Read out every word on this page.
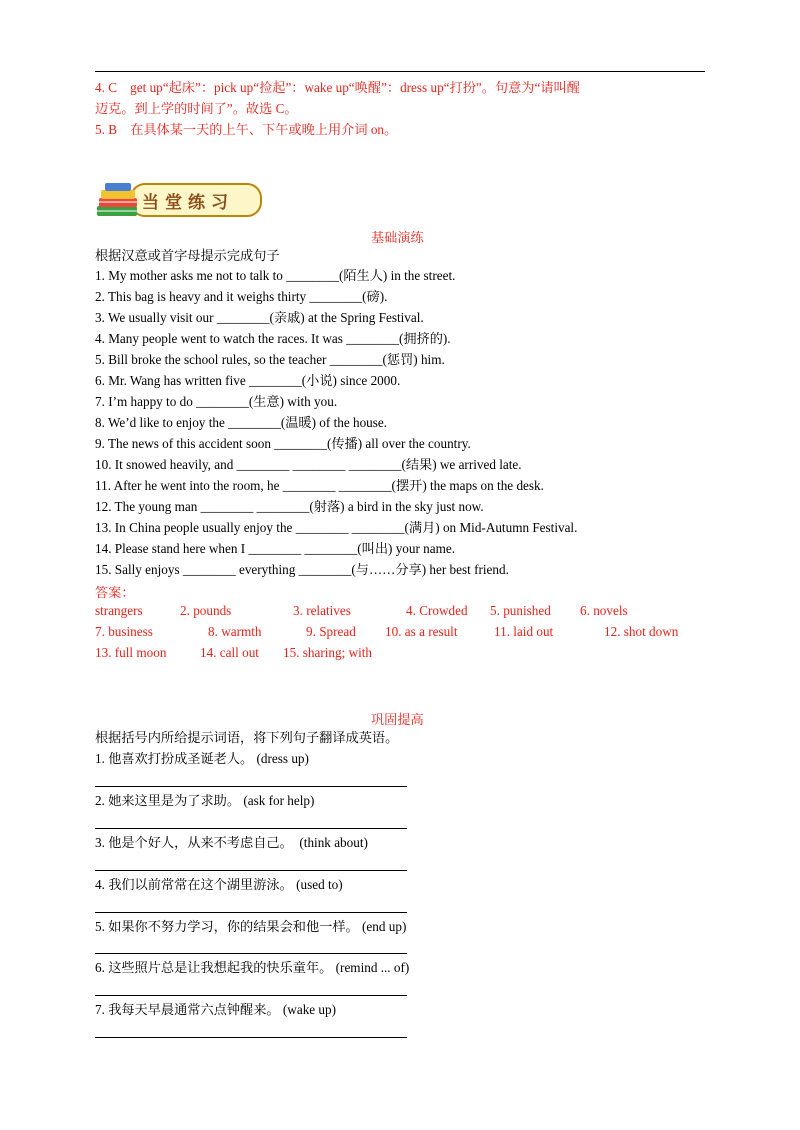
4. C    get up“起床”：pick up“捡起”：wake up“唤醒”：dress up“打扮”。句意为“请叫醒
迈克。到上学的时间了”。故选 C。
5. B    在具体某一天的上午、下午或晚上用介词 on。
当堂练习
基础演练
根据汉意或首字母提示完成句子
1. My mother asks me not to talk to ________(陌生人) in the street.
2. This bag is heavy and it weighs thirty ________(磅).
3. We usually visit our ________(亲戚) at the Spring Festival.
4. Many people went to watch the races. It was ________(拥挤的).
5. Bill broke the school rules, so the teacher ________(惩罚) him.
6. Mr. Wang has written five ________(小说) since 2000.
7. I’m happy to do ________(生意) with you.
8. We’d like to enjoy the ________(温暖) of the house.
9. The news of this accident soon ________(传播) all over the country.
10. It snowed heavily, and ________ ________ ________(结果) we arrived late.
11. After he went into the room, he ________ ________(摆开) the maps on the desk.
12. The young man ________ ________(射落) a bird in the sky just now.
13. In China people usually enjoy the ________ ________(满月) on Mid-Autumn Festival.
14. Please stand here when I ________ ________(叫出) your name.
15. Sally enjoys ________ everything ________(与……分享) her best friend.
答案：
strangers	2. pounds	3. relatives	4. Crowded 5. punished 6. novels
7. business	8. warmth	9. Spread 10. as a result	11. laid out	12. shot down
13. full moon	14. call out 15. sharing; with
巩固提高
根据括号内所给提示词语，将下列句子翻译成英语。
1. 他喜欢打扮成圣诞老人。 (dress up)
2. 她来这里是为了求助。 (ask for help)
3. 他是个好人，从来不考虑自己。  (think about)
4. 我们以前常常在这个湖里游泳。 (used to)
5. 如果你不努力学习，你的结果会和他一样。 (end up)
6. 这些照片总是让我想起我的快乐童年。 (remind ... of)
7. 我每天早晨通常六点钟醒来。 (wake up)
